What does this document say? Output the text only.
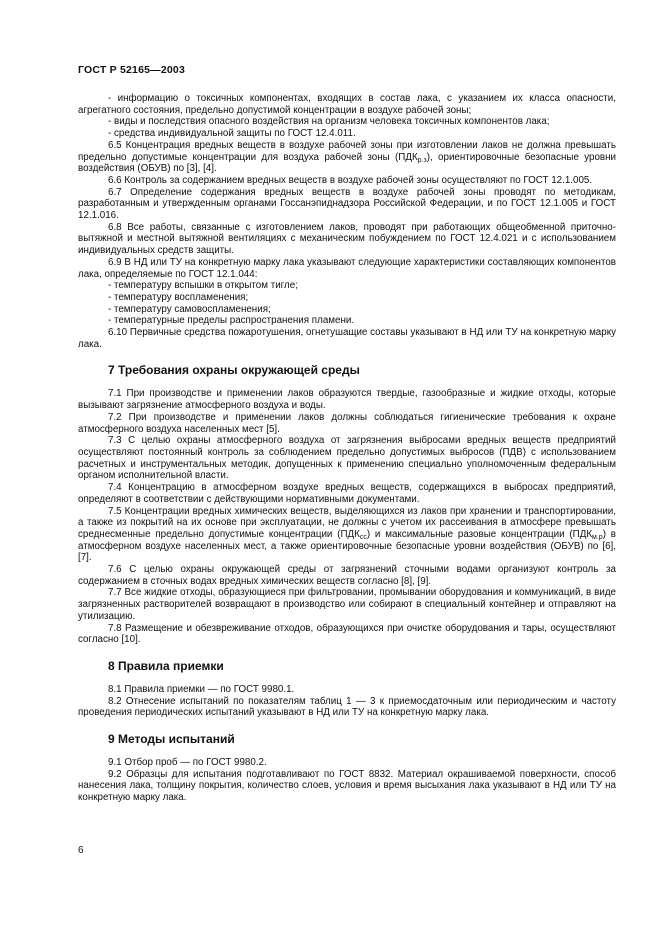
ГОСТ Р 52165—2003

- информацию о токсичных компонентах, входящих в состав лака, с указанием их класса опасности, агрегатного состояния, предельно допустимой концентрации в воздухе рабочей зоны;

- виды и последствия опасного воздействия на организм человека токсичных компонентов лака;

- средства индивидуальной защиты по ГОСТ 12.4.011.

6.5 Концентрация вредных веществ в воздухе рабочей зоны при изготовлении лаков не должна превышать предельно допустимые концентрации для воздуха рабочей зоны $(ПДК_{р.з})$, ориентировочные безопасные уровни воздействия (ОБУВ) по [3], [4].

6.6 Контроль за содержанием вредных веществ в воздухе рабочей зоны осуществляют по ГОСТ 12.1.005.

6.7 Определение содержания вредных веществ в воздухе рабочей зоны проводят по методикам, разработанным и утвержденным органами Госсанэпиднадзора Российской Федерации, и по ГОСТ 12.1.005 и ГОСТ 12.1.016.

6.8 Все работы, связанные с изготовлением лаков, проводят при работающих общеобменной приточно-вытяжной и местной вытяжной вентиляциях с механическим побуждением по ГОСТ 12.4.021 и с использованием индивидуальных средств защиты.

6.9 В НД или ТУ на конкретную марку лака указывают следующие характеристики составляющих компонентов лака, определяемые по ГОСТ 12.1.044:

- температуру вспышки в открытом тигле;

- температуру воспламенения;

- температуру самовоспламенения;

- температурные пределы распространения пламени.

6.10 Первичные средства пожаротушения, огнетушащие составы указывают в НД или ТУ на конкретную марку лака.

7 Требования охраны окружающей среды

7.1 При производстве и применении лаков образуются твердые, газообразные и жидкие отходы, которые вызывают загрязнение атмосферного воздуха и воды.

7.2 При производстве и применении лаков должны соблюдаться гигиенические требования к охране атмосферного воздуха населенных мест [5].

7.3 С целью охраны атмосферного воздуха от загрязнения выбросами вредных веществ предприятий осуществляют постоянный контроль за соблюдением предельно допустимых выбросов (ПДВ) с использованием расчетных и инструментальных методик, допущенных к применению специально уполномоченным федеральным органом исполнительной власти.

7.4 Концентрацию в атмосферном воздухе вредных веществ, содержащихся в выбросах предприятий, определяют в соответствии с действующими нормативными документами.

7.5 Концентрации вредных химических веществ, выделяющихся из лаков при хранении и транспортировании, а также из покрытий на их основе при эксплуатации, не должны с учетом их рассеивания в атмосфере превышать среднесменные предельно допустимые концентрации $(ПДК_{сс})$ и максимальные разовые концентрации $(ПДК_{м.р})$ в атмосферном воздухе населенных мест, а также ориентировочные безопасные уровни воздействия (ОБУВ) по [6], [7].

7.6 С целью охраны окружающей среды от загрязнений сточными водами организуют контроль за содержанием в сточных водах вредных химических веществ согласно [8], [9].

7.7 Все жидкие отходы, образующиеся при фильтровании, промывании оборудования и коммуникаций, в виде загрязненных растворителей возвращают в производство или собирают в специальный контейнер и отправляют на утилизацию.

7.8 Размещение и обезвреживание отходов, образующихся при очистке оборудования и тары, осуществляют согласно [10].

8 Правила приемки

8.1 Правила приемки — по ГОСТ 9980.1.

8.2 Отнесение испытаний по показателям таблиц 1 — 3 к приемосдаточным или периодическим и частоту проведения периодических испытаний указывают в НД или ТУ на конкретную марку лака.

9 Методы испытаний

9.1 Отбор проб — по ГОСТ 9980.2.

9.2 Образцы для испытания подготавливают по ГОСТ 8832. Материал окрашиваемой поверхности, способ нанесения лака, толщину покрытия, количество слоев, условия и время высыхания лака указывают в НД или ТУ на конкретную марку лака.

6
